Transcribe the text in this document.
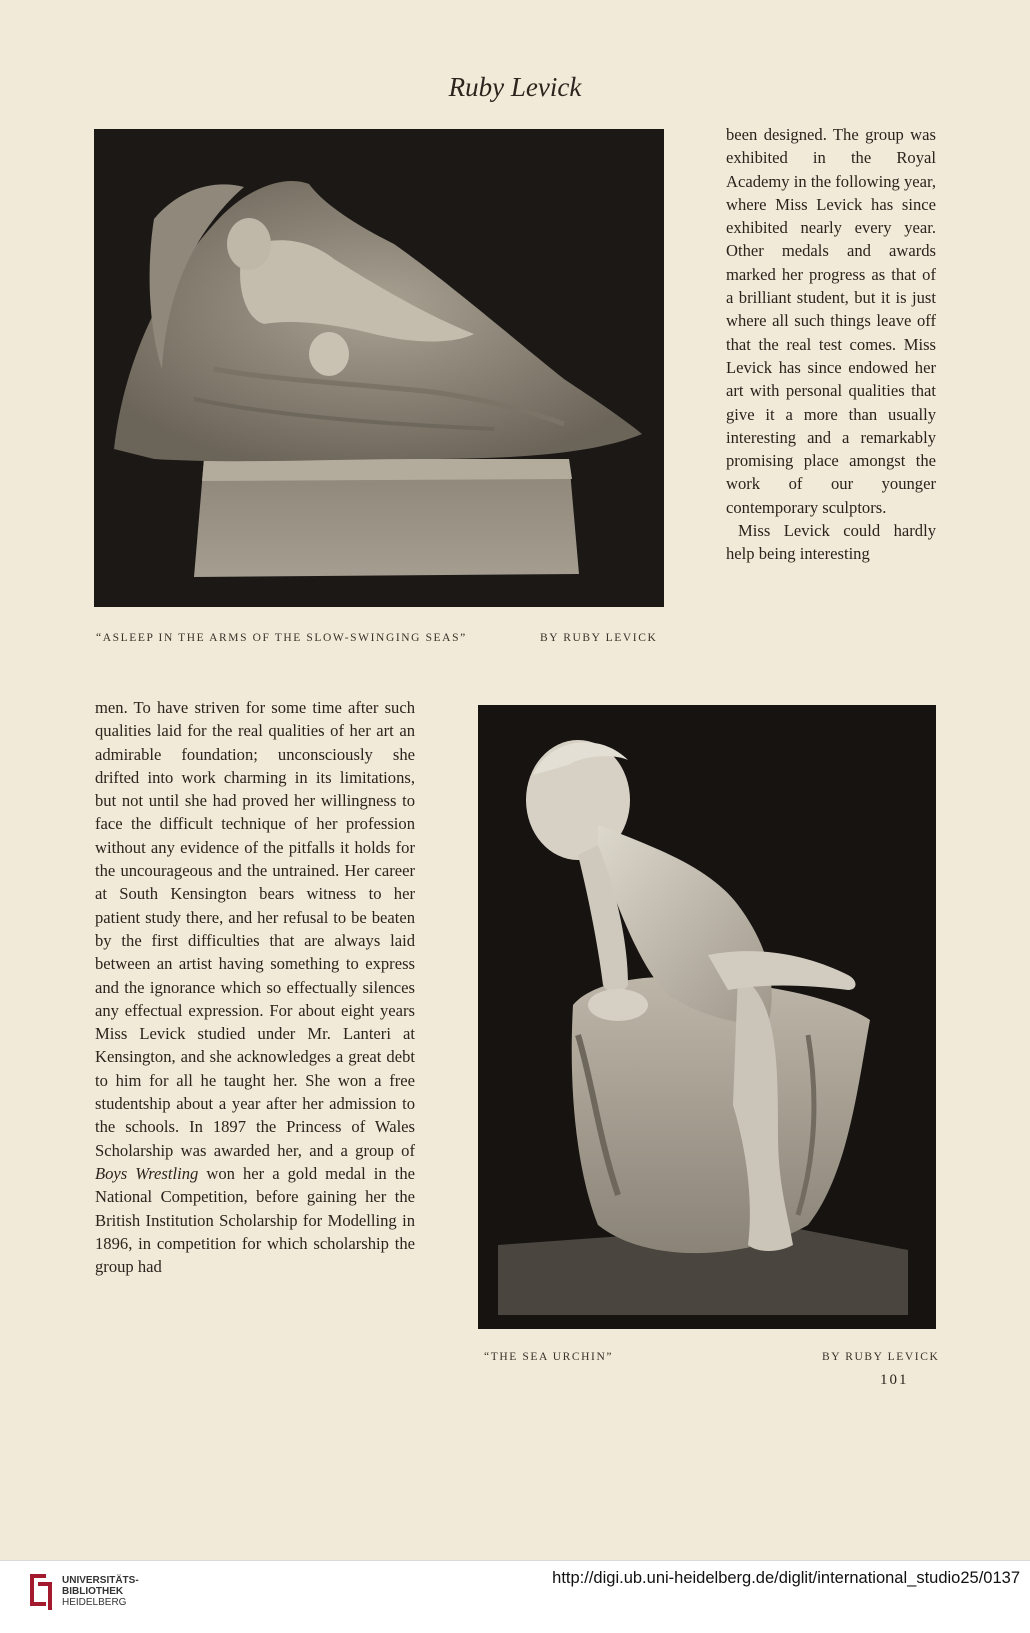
Ruby Levick
“ASLEEP IN THE ARMS OF THE SLOW-SWINGING SEAS”	BY RUBY LEVICK

been designed. The group was exhibited in the Royal Academy in the following year, where Miss Levick has since exhibited nearly every year. Other medals and awards marked her progress as that of a brilliant student, but it is just where all such things leave off that the real test comes. Miss Levick has since endowed her art with personal qualities that give it a more than usually interesting and a remarkably promising place amongst the work of our younger contemporary sculptors.

Miss Levick could hardly help being interesting

men. To have striven for some time after such qualities laid for the real qualities of her art an admirable foundation; unconsciously she drifted into work charming in its limitations, but not until she had proved her willingness to face the difficult technique of her profession without any evidence of the pitfalls it holds for the uncourageous and the untrained. Her career at South Kensington bears witness to her patient study there, and her refusal to be beaten by the first difficulties that are always laid between an artist having something to express and the ignorance which so effectually silences any effectual expression. For about eight years Miss Levick studied under Mr. Lanteri at Kensington, and she acknowledges a great debt to him for all he taught her. She won a free studentship about a year after her admission to the schools. In 1897 the Princess of Wales Scholarship was awarded her, and a group of Boys Wrestling won her a gold medal in the National Competition, before gaining her the British Institution Scholarship for Modelling in 1896, in competition for which scholarship the group had

“THE SEA URCHIN”	BY RUBY LEVICK
101
UNIVERSITÄTS-
BIBLIOTHEK
HEIDELBERG
http://digi.ub.uni-heidelberg.de/diglit/international_studio25/0137
